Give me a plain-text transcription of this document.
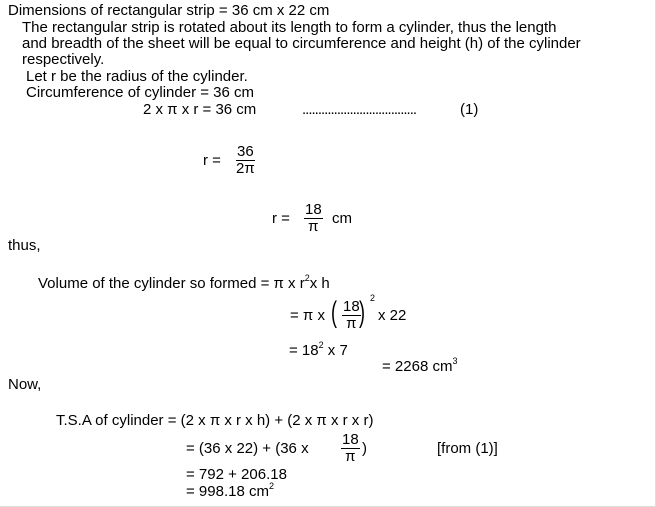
Dimensions of rectangular strip = 36 cm x 22 cm
The rectangular strip is rotated about its length to form a cylinder, thus the length
and breadth of the sheet will be equal to circumference and height (h) of the cylinder
respectively.
Let r be the radius of the cylinder.
Circumference of cylinder = 36 cm
2 x π x r = 36 cm	....................................	(1)
$r = \frac{36}{2\pi}$
$r = \frac{18}{\pi}$ cm
thus,
Volume of the cylinder so formed = π x $r^2x$ h
= π x ( $\frac{18}{\pi}$
) 2
x 22
= $18^2$ x 7
= 2268 $cm^3$
Now,
T.S.A of cylinder = (2 x π x r x h) + (2 x π x r x r)
= (36 x 22) + (36 x $\frac{18}{\pi}$ )	[from (1)]
= 792 + 206.18
= 998.18 $cm^2$
